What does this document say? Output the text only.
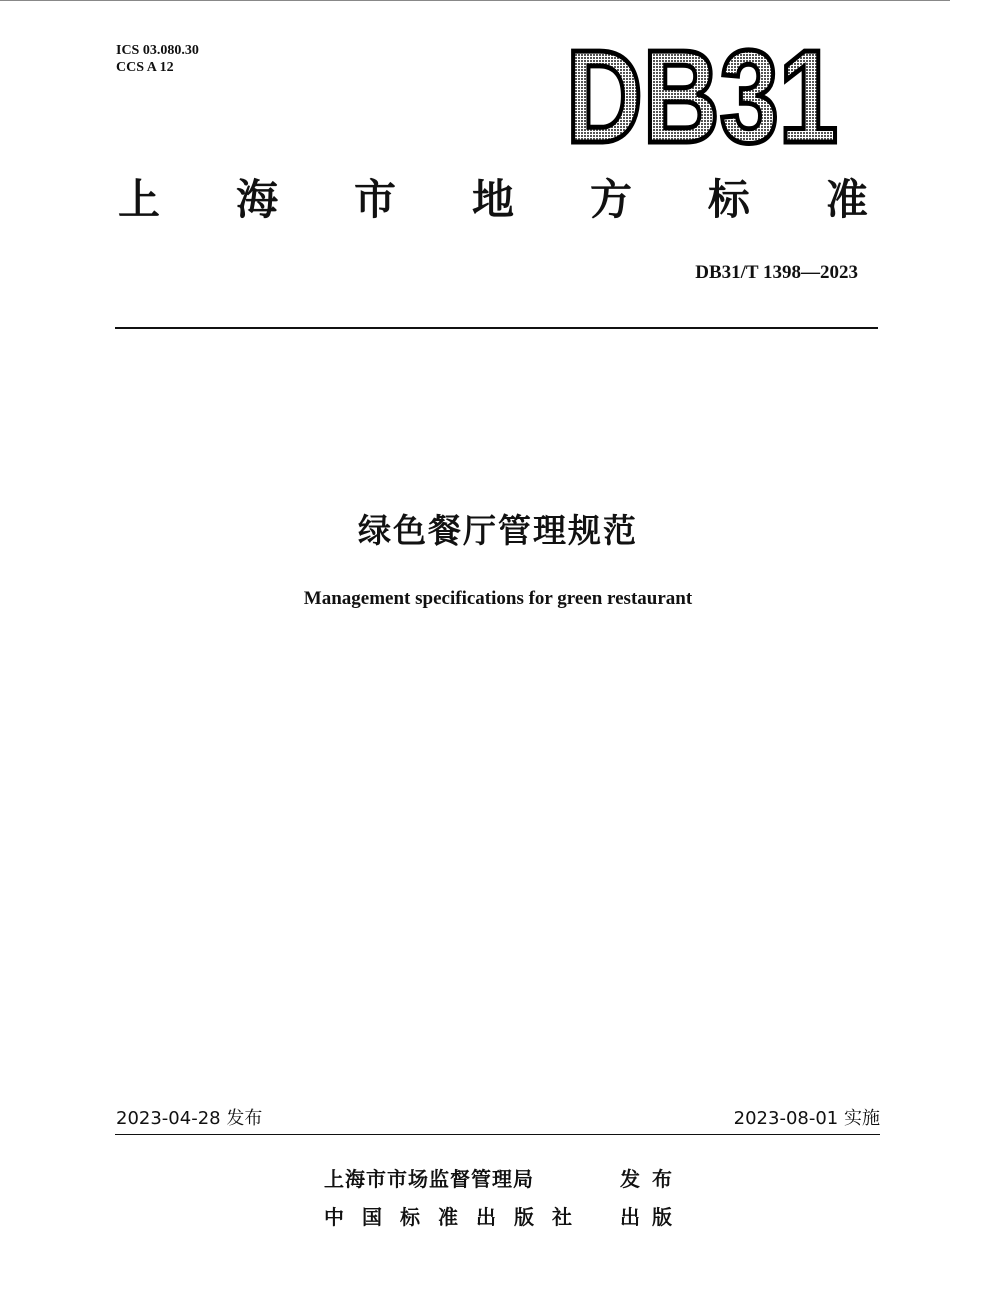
ICS 03.080.30
CCS A 12	DB31
上 海 市 地 方 标 准
DB31/T 1398—2023
绿色餐厅管理规范
Management specifications for green restaurant
2023-04-28 发布	2023-08-01 实施
上海市市场监督管理局	发布
中国标准出版社 出版
